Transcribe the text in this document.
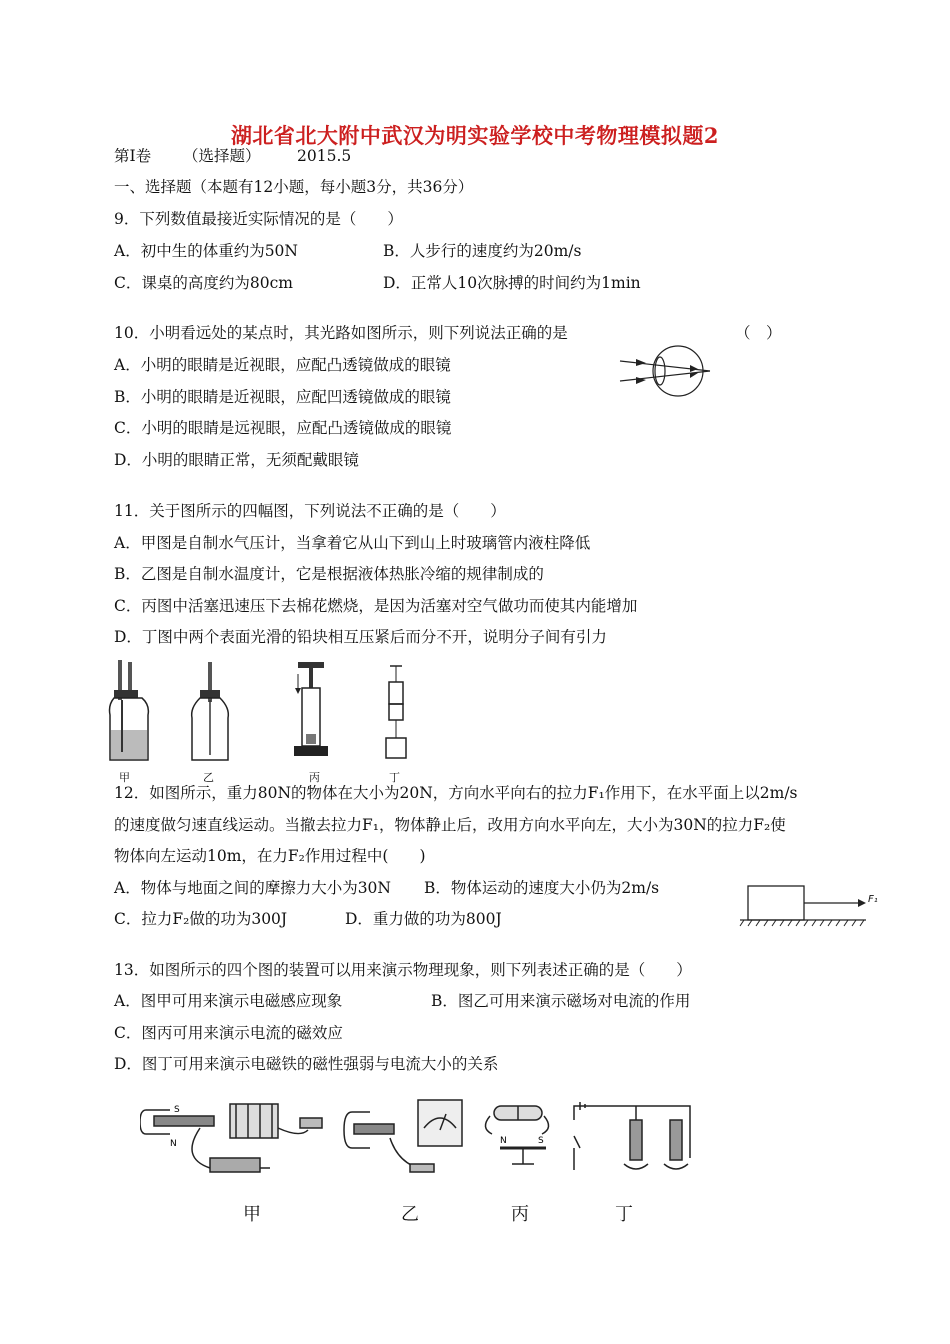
湖北省北大附中武汉为明实验学校中考物理模拟题2
第Ⅰ卷 （选择题） 2015.5
一、选择题（本题有12小题，每小题3分，共36分）
9．下列数值最接近实际情况的是（　　）
A．初中生的体重约为50N	B．人步行的速度约为20m/s
C．课桌的高度约为80cm	D．正常人10次脉搏的时间约为1min
10．小明看远处的某点时，其光路如图所示，则下列说法正确的是	（　）
A．小明的眼睛是近视眼，应配凸透镜做成的眼镜
B．小明的眼睛是近视眼，应配凹透镜做成的眼镜
C．小明的眼睛是远视眼，应配凸透镜做成的眼镜
D．小明的眼睛正常，无须配戴眼镜
11．关于图所示的四幅图，下列说法不正确的是（　　）
A．甲图是自制水气压计，当拿着它从山下到山上时玻璃管内液柱降低
B．乙图是自制水温度计，它是根据液体热胀冷缩的规律制成的
C．丙图中活塞迅速压下去棉花燃烧，是因为活塞对空气做功而使其内能增加
D．丁图中两个表面光滑的铅块相互压紧后而分不开，说明分子间有引力
甲	乙	丙	丁
12．如图所示，重力80N的物体在大小为20N，方向水平向右的拉力F₁作用下，在水平面上以2m/s
的速度做匀速直线运动。当撤去拉力F₁，物体静止后，改用方向水平向左，大小为30N的拉力F₂使
物体向左运动10m，在力F₂作用过程中(　　)
A．物体与地面之间的摩擦力大小为30N B．物体运动的速度大小仍为2m/s
C．拉力F₂做的功为300J	D．重力做的功为800J
F₁
13．如图所示的四个图的装置可以用来演示物理现象，则下列表述正确的是（　　）
A．图甲可用来演示电磁感应现象	B．图乙可用来演示磁场对电流的作用
C．图丙可用来演示电流的磁效应
D．图丁可用来演示电磁铁的磁性强弱与电流大小的关系
S
N	N	S
甲	乙	丙	丁
